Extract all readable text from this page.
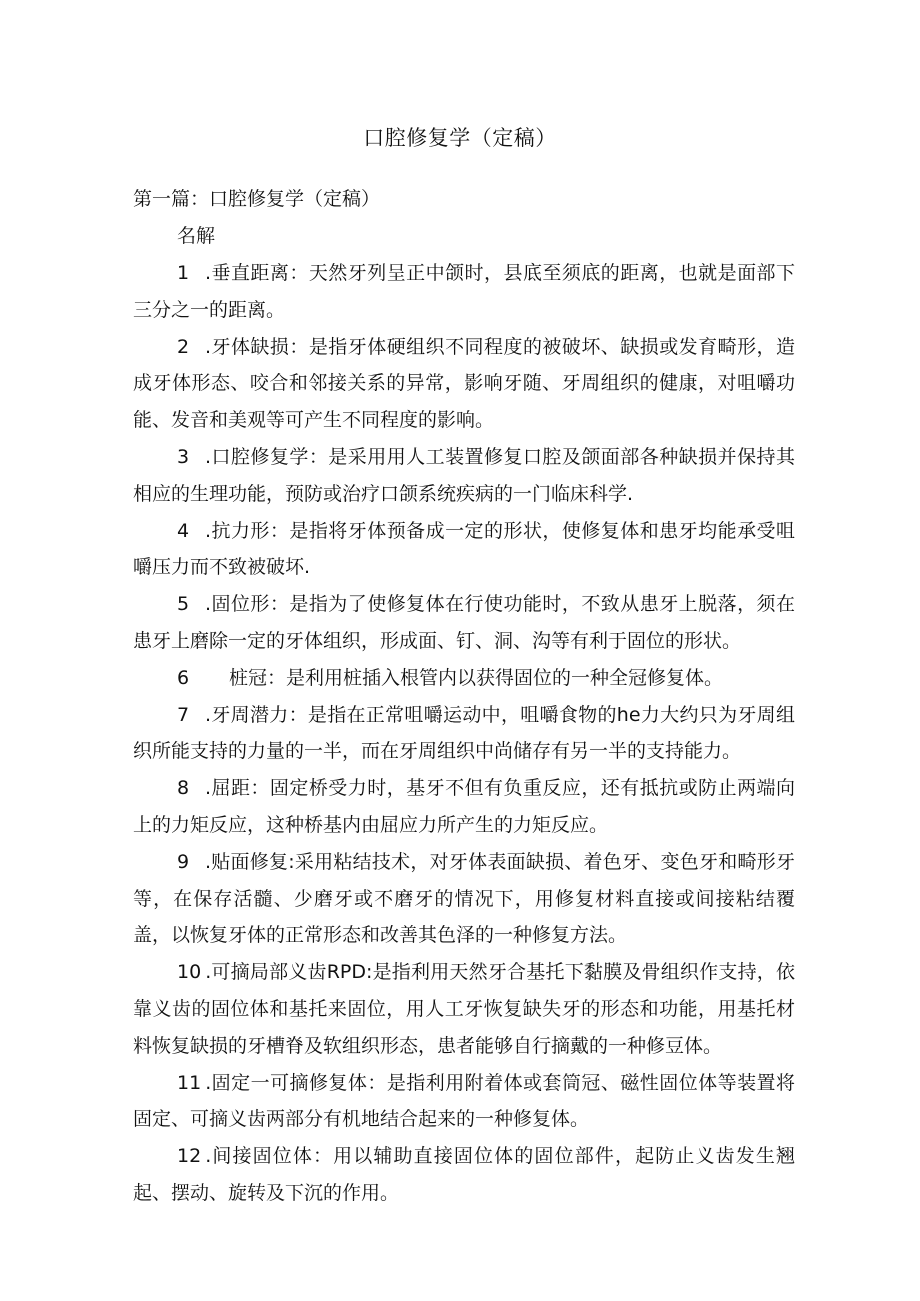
口腔修复学（定稿）
第一篇：口腔修复学（定稿）
名解
1 .垂直距离：天然牙列呈正中颌时，县底至须底的距离，也就是面部下三分之一的距离。
2 .牙体缺损：是指牙体硬组织不同程度的被破坏、缺损或发育畸形，造成牙体形态、咬合和邻接关系的异常，影响牙随、牙周组织的健康，对咀嚼功能、发音和美观等可产生不同程度的影响。
3 .口腔修复学：是采用用人工装置修复口腔及颌面部各种缺损并保持其相应的生理功能，预防或治疗口颌系统疾病的一门临床科学.
4 .抗力形：是指将牙体预备成一定的形状，使修复体和患牙均能承受咀嚼压力而不致被破坏.
5 .固位形：是指为了使修复体在行使功能时，不致从患牙上脱落，须在患牙上磨除一定的牙体组织，形成面、钉、洞、沟等有利于固位的形状。
6 桩冠：是利用桩插入根管内以获得固位的一种全冠修复体。
7 .牙周潜力：是指在正常咀嚼运动中，咀嚼食物的he力大约只为牙周组织所能支持的力量的一半，而在牙周组织中尚储存有另一半的支持能力。
8 .屈距：固定桥受力时，基牙不但有负重反应，还有抵抗或防止两端向上的力矩反应，这种桥基内由屈应力所产生的力矩反应。
9 .贴面修复:采用粘结技术，对牙体表面缺损、着色牙、变色牙和畸形牙等，在保存活髓、少磨牙或不磨牙的情况下，用修复材料直接或间接粘结覆盖，以恢复牙体的正常形态和改善其色泽的一种修复方法。
10 .可摘局部义齿RPD:是指利用天然牙合基托下黏膜及骨组织作支持，依靠义齿的固位体和基托来固位，用人工牙恢复缺失牙的形态和功能，用基托材料恢复缺损的牙槽脊及软组织形态，患者能够自行摘戴的一种修豆体。
11 .固定一可摘修复体：是指利用附着体或套筒冠、磁性固位体等装置将固定、可摘义齿两部分有机地结合起来的一种修复体。
12 .间接固位体：用以辅助直接固位体的固位部件，起防止义齿发生翘起、摆动、旋转及下沉的作用。
